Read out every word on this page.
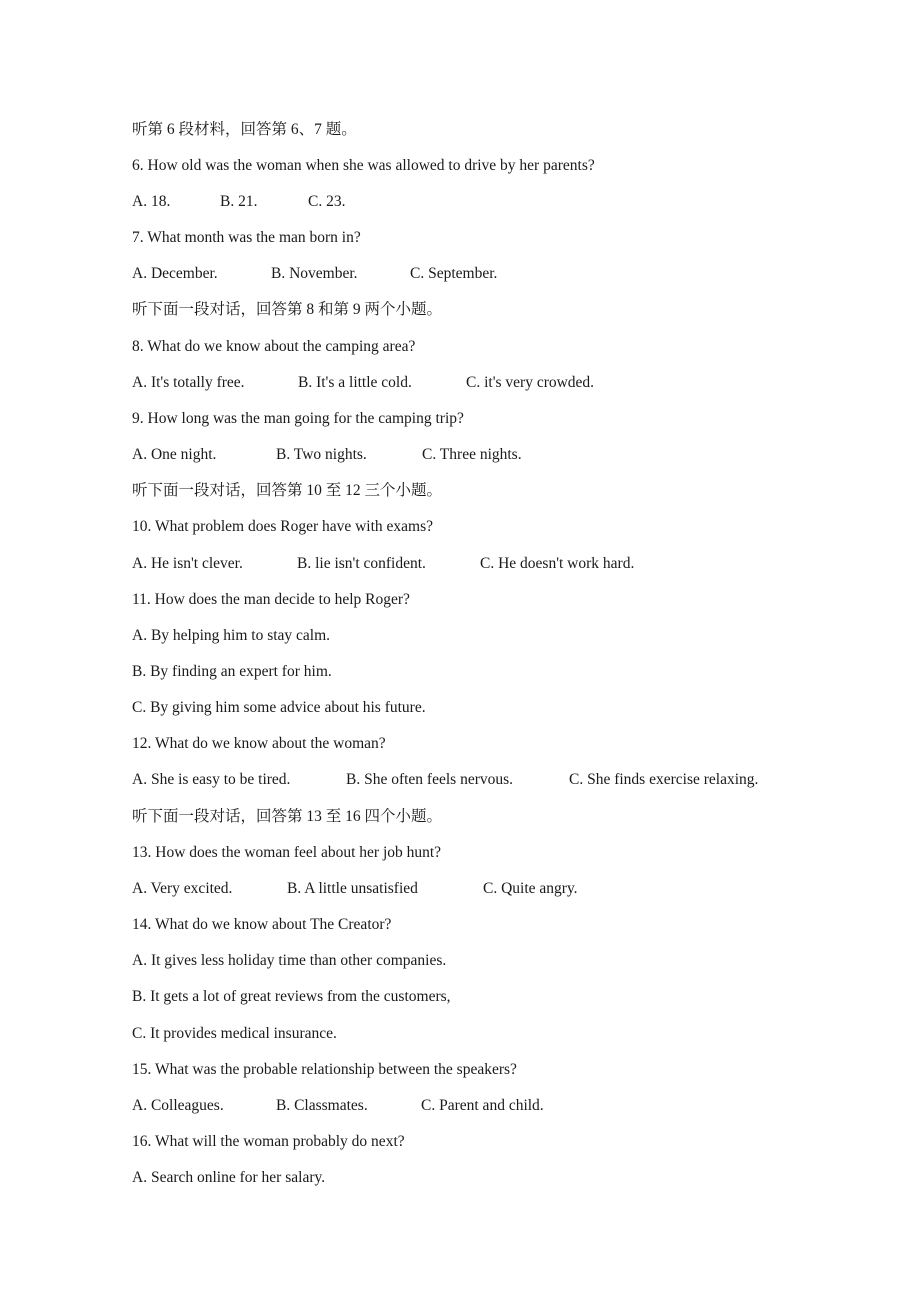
听第 6 段材料，回答第 6、7 题。
6. How old was the woman when she was allowed to drive by her parents?
A. 18.	B. 21.	C. 23.
7. What month was the man born in?
A. December.	B. November.	C. September.
听下面一段对话，回答第 8 和第 9 两个小题。
8. What do we know about the camping area?
A. It's totally free.	B. It's a little cold.	C. it's very crowded.
9. How long was the man going for the camping trip?
A. One night.	B. Two nights.	C. Three nights.
听下面一段对话，回答第 10 至 12 三个小题。
10. What problem does Roger have with exams?
A. He isn't clever.	B. lie isn't confident.	C. He doesn't work hard.
11. How does the man decide to help Roger?
A. By helping him to stay calm.
B. By finding an expert for him.
C. By giving him some advice about his future.
12. What do we know about the woman?
A. She is easy to be tired.	B. She often feels nervous.	C. She finds exercise relaxing.
听下面一段对话，回答第 13 至 16 四个小题。
13. How does the woman feel about her job hunt?
A. Very excited.	B. A little unsatisfied	C. Quite angry.
14. What do we know about The Creator?
A. It gives less holiday time than other companies.
B. It gets a lot of great reviews from the customers,
C. It provides medical insurance.
15. What was the probable relationship between the speakers?
A. Colleagues.	B. Classmates.	C. Parent and child.
16. What will the woman probably do next?
A. Search online for her salary.
